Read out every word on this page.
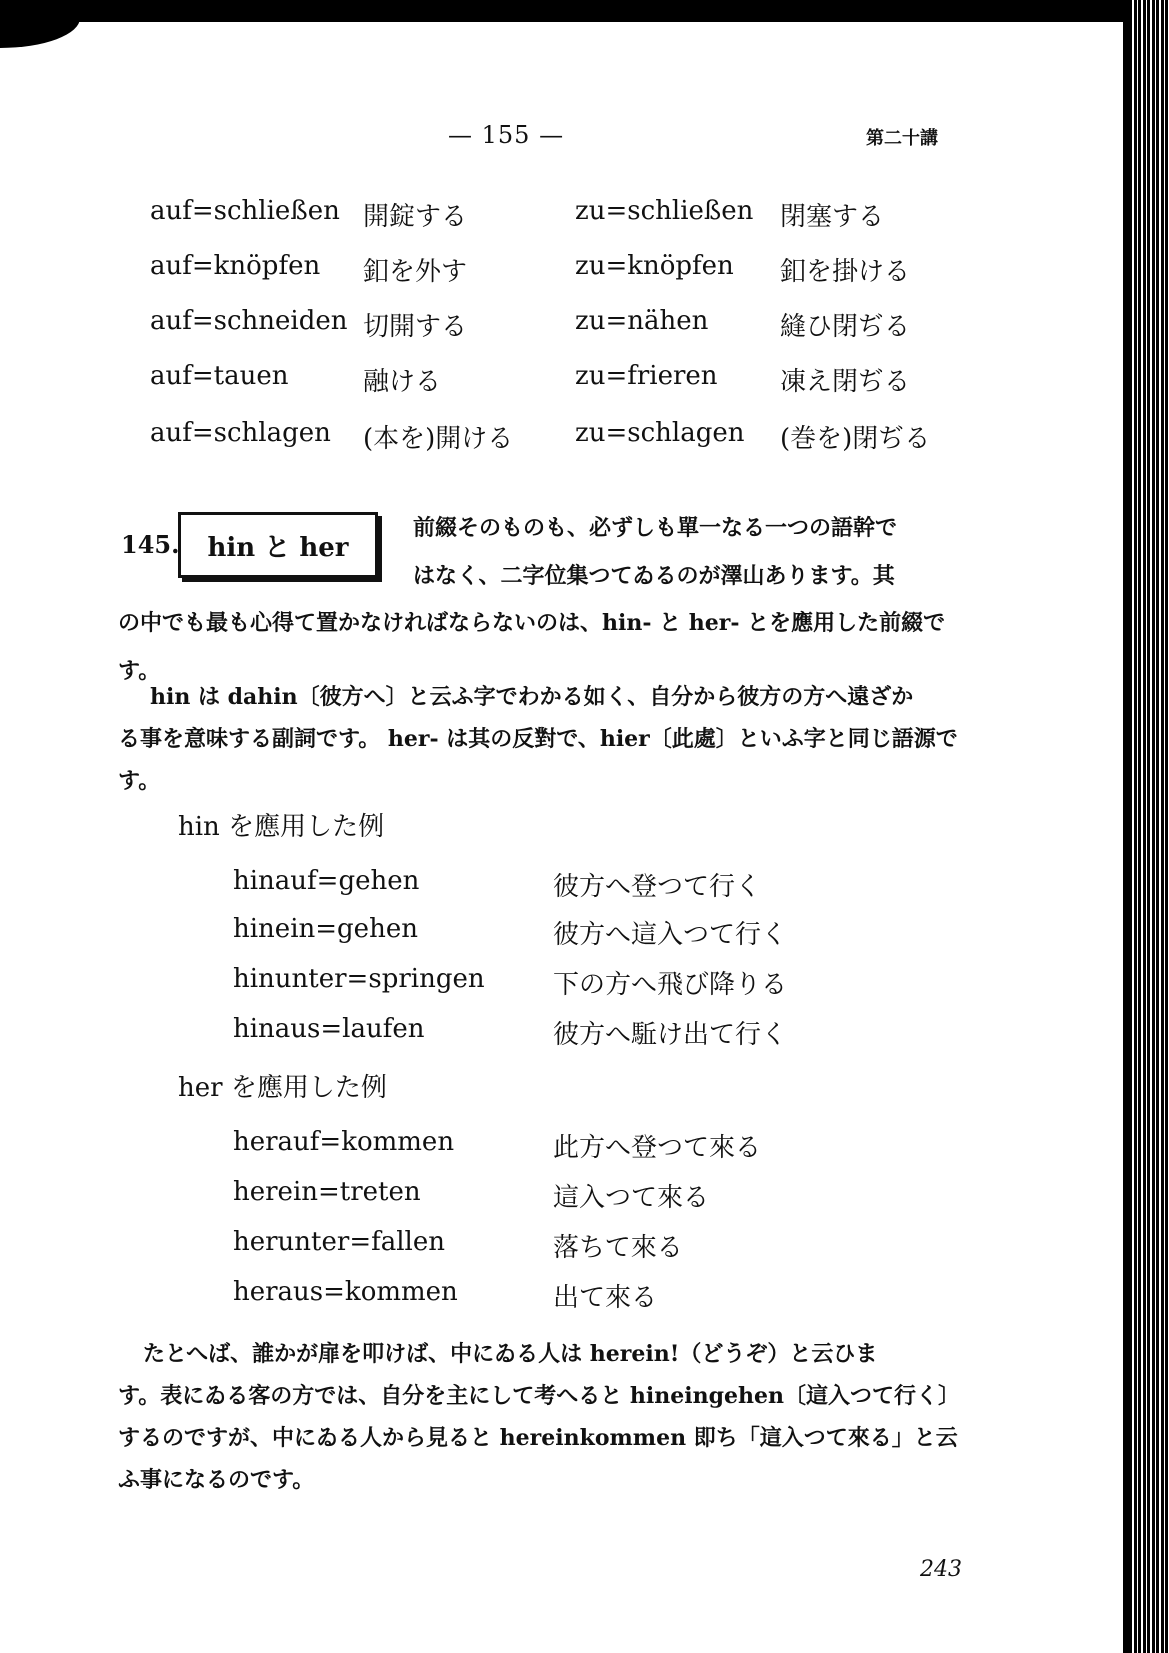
— 155 —	第二十講
auf=schließen 開錠する	zu=schließen 閉塞する
auf=knöpfen 釦を外す	zu=knöpfen 釦を掛ける
auf=schneiden 切開する	zu=nähen	縫ひ閉ぢる
auf=tauen	融ける	zu=frieren 凍え閉ぢる
auf=schlagen (本を)開ける zu=schlagen (巻を)閉ぢる
145. hin と her
前綴そのものも、必ずしも單一なる一つの語幹で
はなく、二字位集つてゐるのが澤山あります。其
の中でも最も心得て置かなければならないのは、hin- と her- とを應用した前綴です。
hin は dahin〔彼方へ〕と云ふ字でわかる如く、自分から彼方の方へ遠ざか
る事を意味する副詞です。 her- は其の反對で、hier〔此處〕といふ字と同じ語源です。
hin を應用した例
hinauf=gehen	彼方へ登つて行く
hinein=gehen	彼方へ這入つて行く
hinunter=springen	下の方へ飛び降りる
hinaus=laufen	彼方へ駈け出て行く
her を應用した例
herauf=kommen	此方へ登つて來る
herein=treten	這入つて來る
herunter=fallen	落ちて來る
heraus=kommen	出て來る
たとへば、誰かが扉を叩けば、中にゐる人は herein!（どうぞ）と云ひま
す。表にゐる客の方では、自分を主にして考へると hineingehen〔這入つて行く〕するのですが、中にゐる人から見ると hereinkommen 即ち「這入つて來る」と云ふ事になるのです。
243
